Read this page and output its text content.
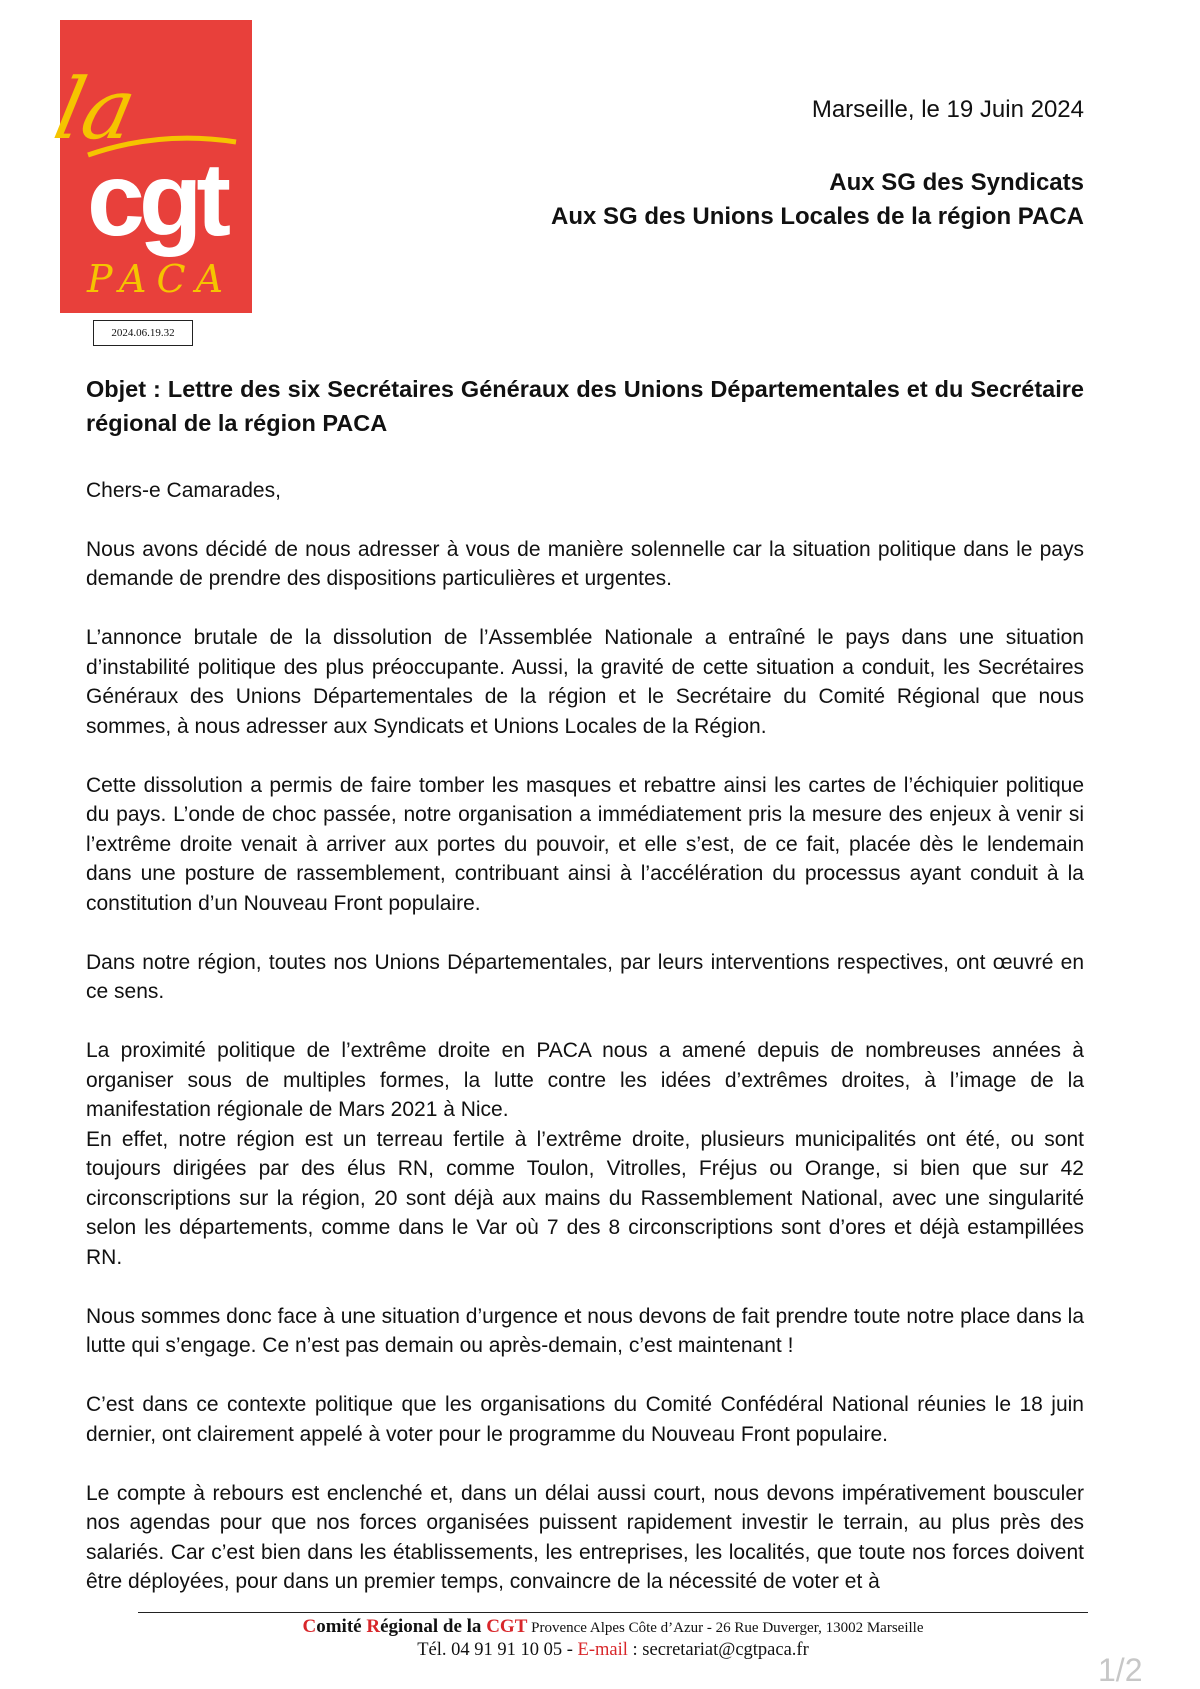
la
cgt
PACA
2024.06.19.32
Marseille, le 19 Juin 2024
Aux SG des Syndicats
Aux SG des Unions Locales de la région PACA

Objet : Lettre des six Secrétaires Généraux des Unions Départementales et du Secrétaire régional de la région PACA

Chers-e Camarades,

Nous avons décidé de nous adresser à vous de manière solennelle car la situation politique dans le pays demande de prendre des dispositions particulières et urgentes.

L’annonce brutale de la dissolution de l’Assemblée Nationale a entraîné le pays dans une situation d’instabilité politique des plus préoccupante. Aussi, la gravité de cette situation a conduit, les Secrétaires Généraux des Unions Départementales de la région et le Secrétaire du Comité Régional que nous sommes, à nous adresser aux Syndicats et Unions Locales de la Région.

Cette dissolution a permis de faire tomber les masques et rebattre ainsi les cartes de l’échiquier politique du pays. L’onde de choc passée, notre organisation a immédiatement pris la mesure des enjeux à venir si l’extrême droite venait à arriver aux portes du pouvoir, et elle s’est, de ce fait, placée dès le lendemain dans une posture de rassemblement, contribuant ainsi à l’accélération du processus ayant conduit à la constitution d’un Nouveau Front populaire.

Dans notre région, toutes nos Unions Départementales, par leurs interventions respectives, ont œuvré en ce sens.

La proximité politique de l’extrême droite en PACA nous a amené depuis de nombreuses années à organiser sous de multiples formes, la lutte contre les idées d’extrêmes droites, à l’image de la manifestation régionale de Mars 2021 à Nice.

En effet, notre région est un terreau fertile à l’extrême droite, plusieurs municipalités ont été, ou sont toujours dirigées par des élus RN, comme Toulon, Vitrolles, Fréjus ou Orange, si bien que sur 42 circonscriptions sur la région, 20 sont déjà aux mains du Rassemblement National, avec une singularité selon les départements, comme dans le Var où 7 des 8 circonscriptions sont d’ores et déjà estampillées RN.

Nous sommes donc face à une situation d’urgence et nous devons de fait prendre toute notre place dans la lutte qui s’engage. Ce n’est pas demain ou après-demain, c’est maintenant !

C’est dans ce contexte politique que les organisations du Comité Confédéral National réunies le 18 juin dernier, ont clairement appelé à voter pour le programme du Nouveau Front populaire.

Le compte à rebours est enclenché et, dans un délai aussi court, nous devons impérativement bousculer nos agendas pour que nos forces organisées puissent rapidement investir le terrain, au plus près des salariés. Car c’est bien dans les établissements, les entreprises, les localités, que toute nos forces doivent être déployées, pour dans un premier temps, convaincre de la nécessité de voter et à

Comité Régional de la CGT Provence Alpes Côte d’Azur - 26 Rue Duverger, 13002 Marseille
Tél. 04 91 91 10 05 - E-mail : secretariat@cgtpaca.fr
1/2
